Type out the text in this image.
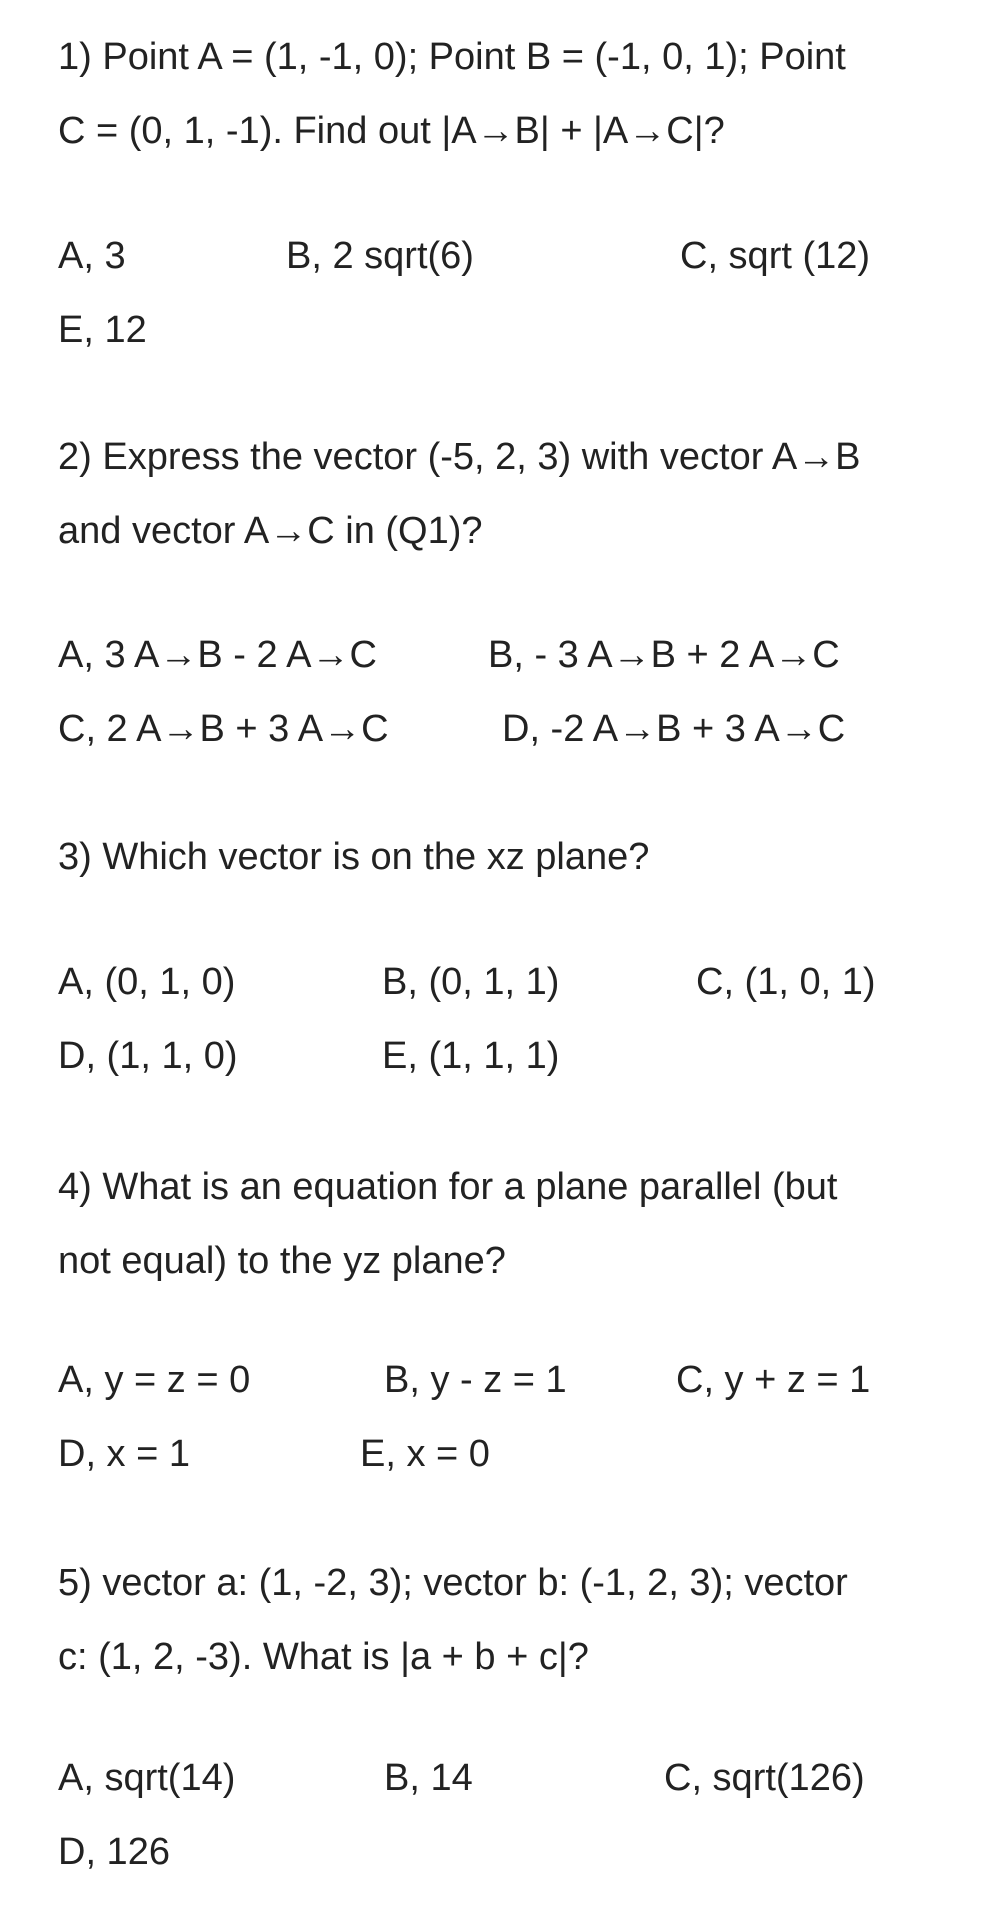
1) Point A = (1, -1, 0); Point B = (-1, 0, 1); Point
C = (0, 1, -1). Find out |A→B| + |A→C|?
A, 3	B, 2 sqrt(6)	C, sqrt (12)
E, 12
2) Express the vector (-5, 2, 3) with vector A→B
and vector A→C in (Q1)?
A, 3 A→B - 2 A→C	B, - 3 A→B + 2 A→C
C, 2 A→B + 3 A→C	D, -2 A→B + 3 A→C
3) Which vector is on the xz plane?
A, (0, 1, 0)	B, (0, 1, 1)	C, (1, 0, 1)
D, (1, 1, 0)	E, (1, 1, 1)
4) What is an equation for a plane parallel (but
not equal) to the yz plane?
A, y = z = 0	B, y - z = 1	C, y + z = 1
D, x = 1	E, x = 0
5) vector a: (1, -2, 3); vector b: (-1, 2, 3); vector
c: (1, 2, -3). What is |a + b + c|?
A, sqrt(14)	B, 14	C, sqrt(126)
D, 126
